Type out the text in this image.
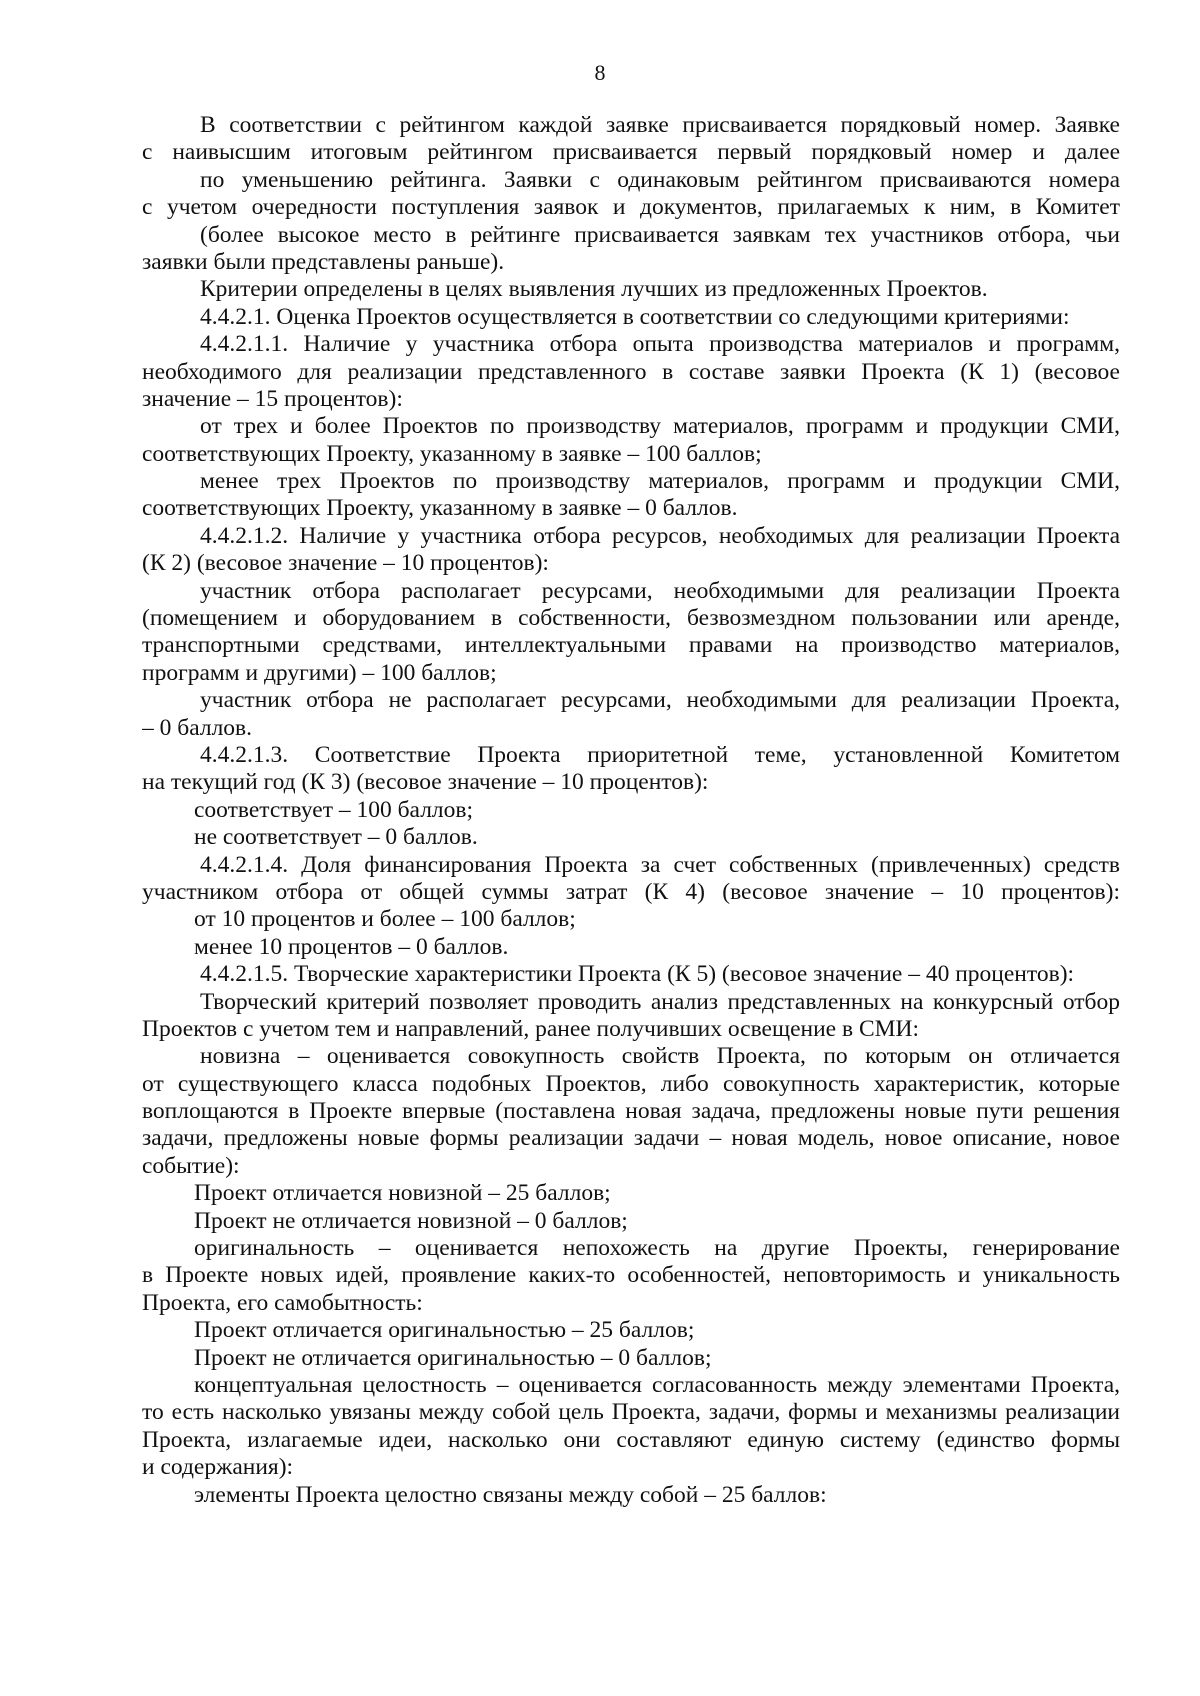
8
В соответствии с рейтингом каждой заявке присваивается порядковый номер. Заявке
с наивысшим итоговым рейтингом присваивается первый порядковый номер и далее
по уменьшению рейтинга. Заявки с одинаковым рейтингом присваиваются номера
с учетом очередности поступления заявок и документов, прилагаемых к ним, в Комитет
(более высокое место в рейтинге присваивается заявкам тех участников отбора, чьи
заявки были представлены раньше).
Критерии определены в целях выявления лучших из предложенных Проектов.
4.4.2.1. Оценка Проектов осуществляется в соответствии со следующими критериями:
4.4.2.1.1. Наличие у участника отбора опыта производства материалов и программ,
необходимого для реализации представленного в составе заявки Проекта (К 1) (весовое
значение – 15 процентов):
от трех и более Проектов по производству материалов, программ и продукции СМИ,
соответствующих Проекту, указанному в заявке – 100 баллов;
менее трех Проектов по производству материалов, программ и продукции СМИ,
соответствующих Проекту, указанному в заявке – 0 баллов.
4.4.2.1.2. Наличие у участника отбора ресурсов, необходимых для реализации Проекта
(К 2) (весовое значение – 10 процентов):
участник отбора располагает ресурсами, необходимыми для реализации Проекта
(помещением и оборудованием в собственности, безвозмездном пользовании или аренде,
транспортными средствами, интеллектуальными правами на производство материалов,
программ и другими) – 100 баллов;
участник отбора не располагает ресурсами, необходимыми для реализации Проекта,
– 0 баллов.
4.4.2.1.3. Соответствие Проекта приоритетной теме, установленной Комитетом
на текущий год (К 3) (весовое значение – 10 процентов):
соответствует – 100 баллов;
не соответствует – 0 баллов.
4.4.2.1.4. Доля финансирования Проекта за счет собственных (привлеченных) средств
участником отбора от общей суммы затрат (К 4) (весовое значение – 10 процентов):
от 10 процентов и более – 100 баллов;
менее 10 процентов – 0 баллов.
4.4.2.1.5. Творческие характеристики Проекта (К 5) (весовое значение – 40 процентов):
Творческий критерий позволяет проводить анализ представленных на конкурсный отбор
Проектов с учетом тем и направлений, ранее получивших освещение в СМИ:
новизна – оценивается совокупность свойств Проекта, по которым он отличается
от существующего класса подобных Проектов, либо совокупность характеристик, которые
воплощаются в Проекте впервые (поставлена новая задача, предложены новые пути решения
задачи, предложены новые формы реализации задачи – новая модель, новое описание, новое
событие):
Проект отличается новизной – 25 баллов;
Проект не отличается новизной – 0 баллов;
оригинальность – оценивается непохожесть на другие Проекты, генерирование
в Проекте новых идей, проявление каких-то особенностей, неповторимость и уникальность
Проекта, его самобытность:
Проект отличается оригинальностью – 25 баллов;
Проект не отличается оригинальностью – 0 баллов;
концептуальная целостность – оценивается согласованность между элементами Проекта,
то есть насколько увязаны между собой цель Проекта, задачи, формы и механизмы реализации
Проекта, излагаемые идеи, насколько они составляют единую систему (единство формы
и содержания):
элементы Проекта целостно связаны между собой – 25 баллов:
